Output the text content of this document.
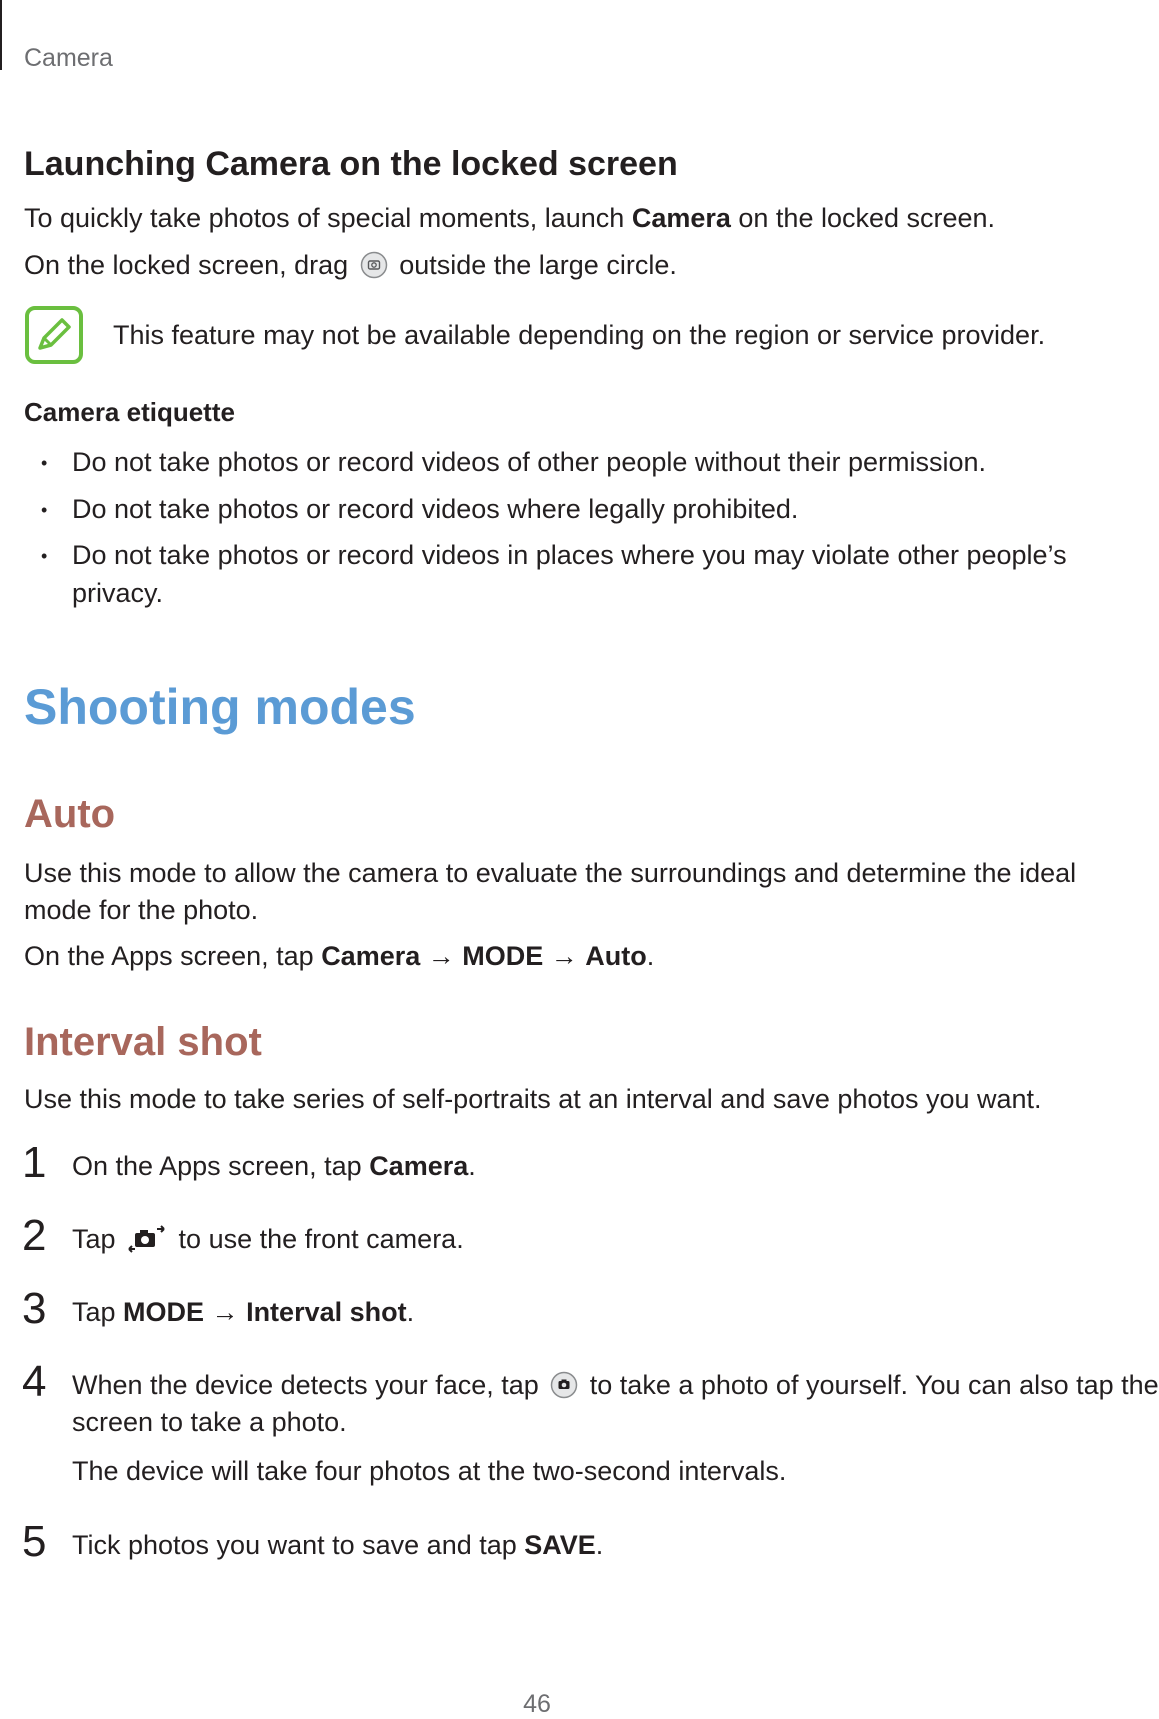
Camera
Launching Camera on the locked screen
To quickly take photos of special moments, launch Camera on the locked screen.
On the locked screen, drag  outside the large circle.
This feature may not be available depending on the region or service provider.
Camera etiquette
• Do not take photos or record videos of other people without their permission.
• Do not take photos or record videos where legally prohibited.
• Do not take photos or record videos in places where you may violate other people’s
privacy.
Shooting modes
Auto
Use this mode to allow the camera to evaluate the surroundings and determine the ideal
mode for the photo.
On the Apps screen, tap Camera → MODE → Auto.
Interval shot
Use this mode to take series of self-portraits at an interval and save photos you want.
1 On the Apps screen, tap Camera.
2 Tap  to use the front camera.
3 Tap MODE → Interval shot.
4 When the device detects your face, tap  to take a photo of yourself. You can also tap the
screen to take a photo.
The device will take four photos at the two-second intervals.
5 Tick photos you want to save and tap SAVE.
46
